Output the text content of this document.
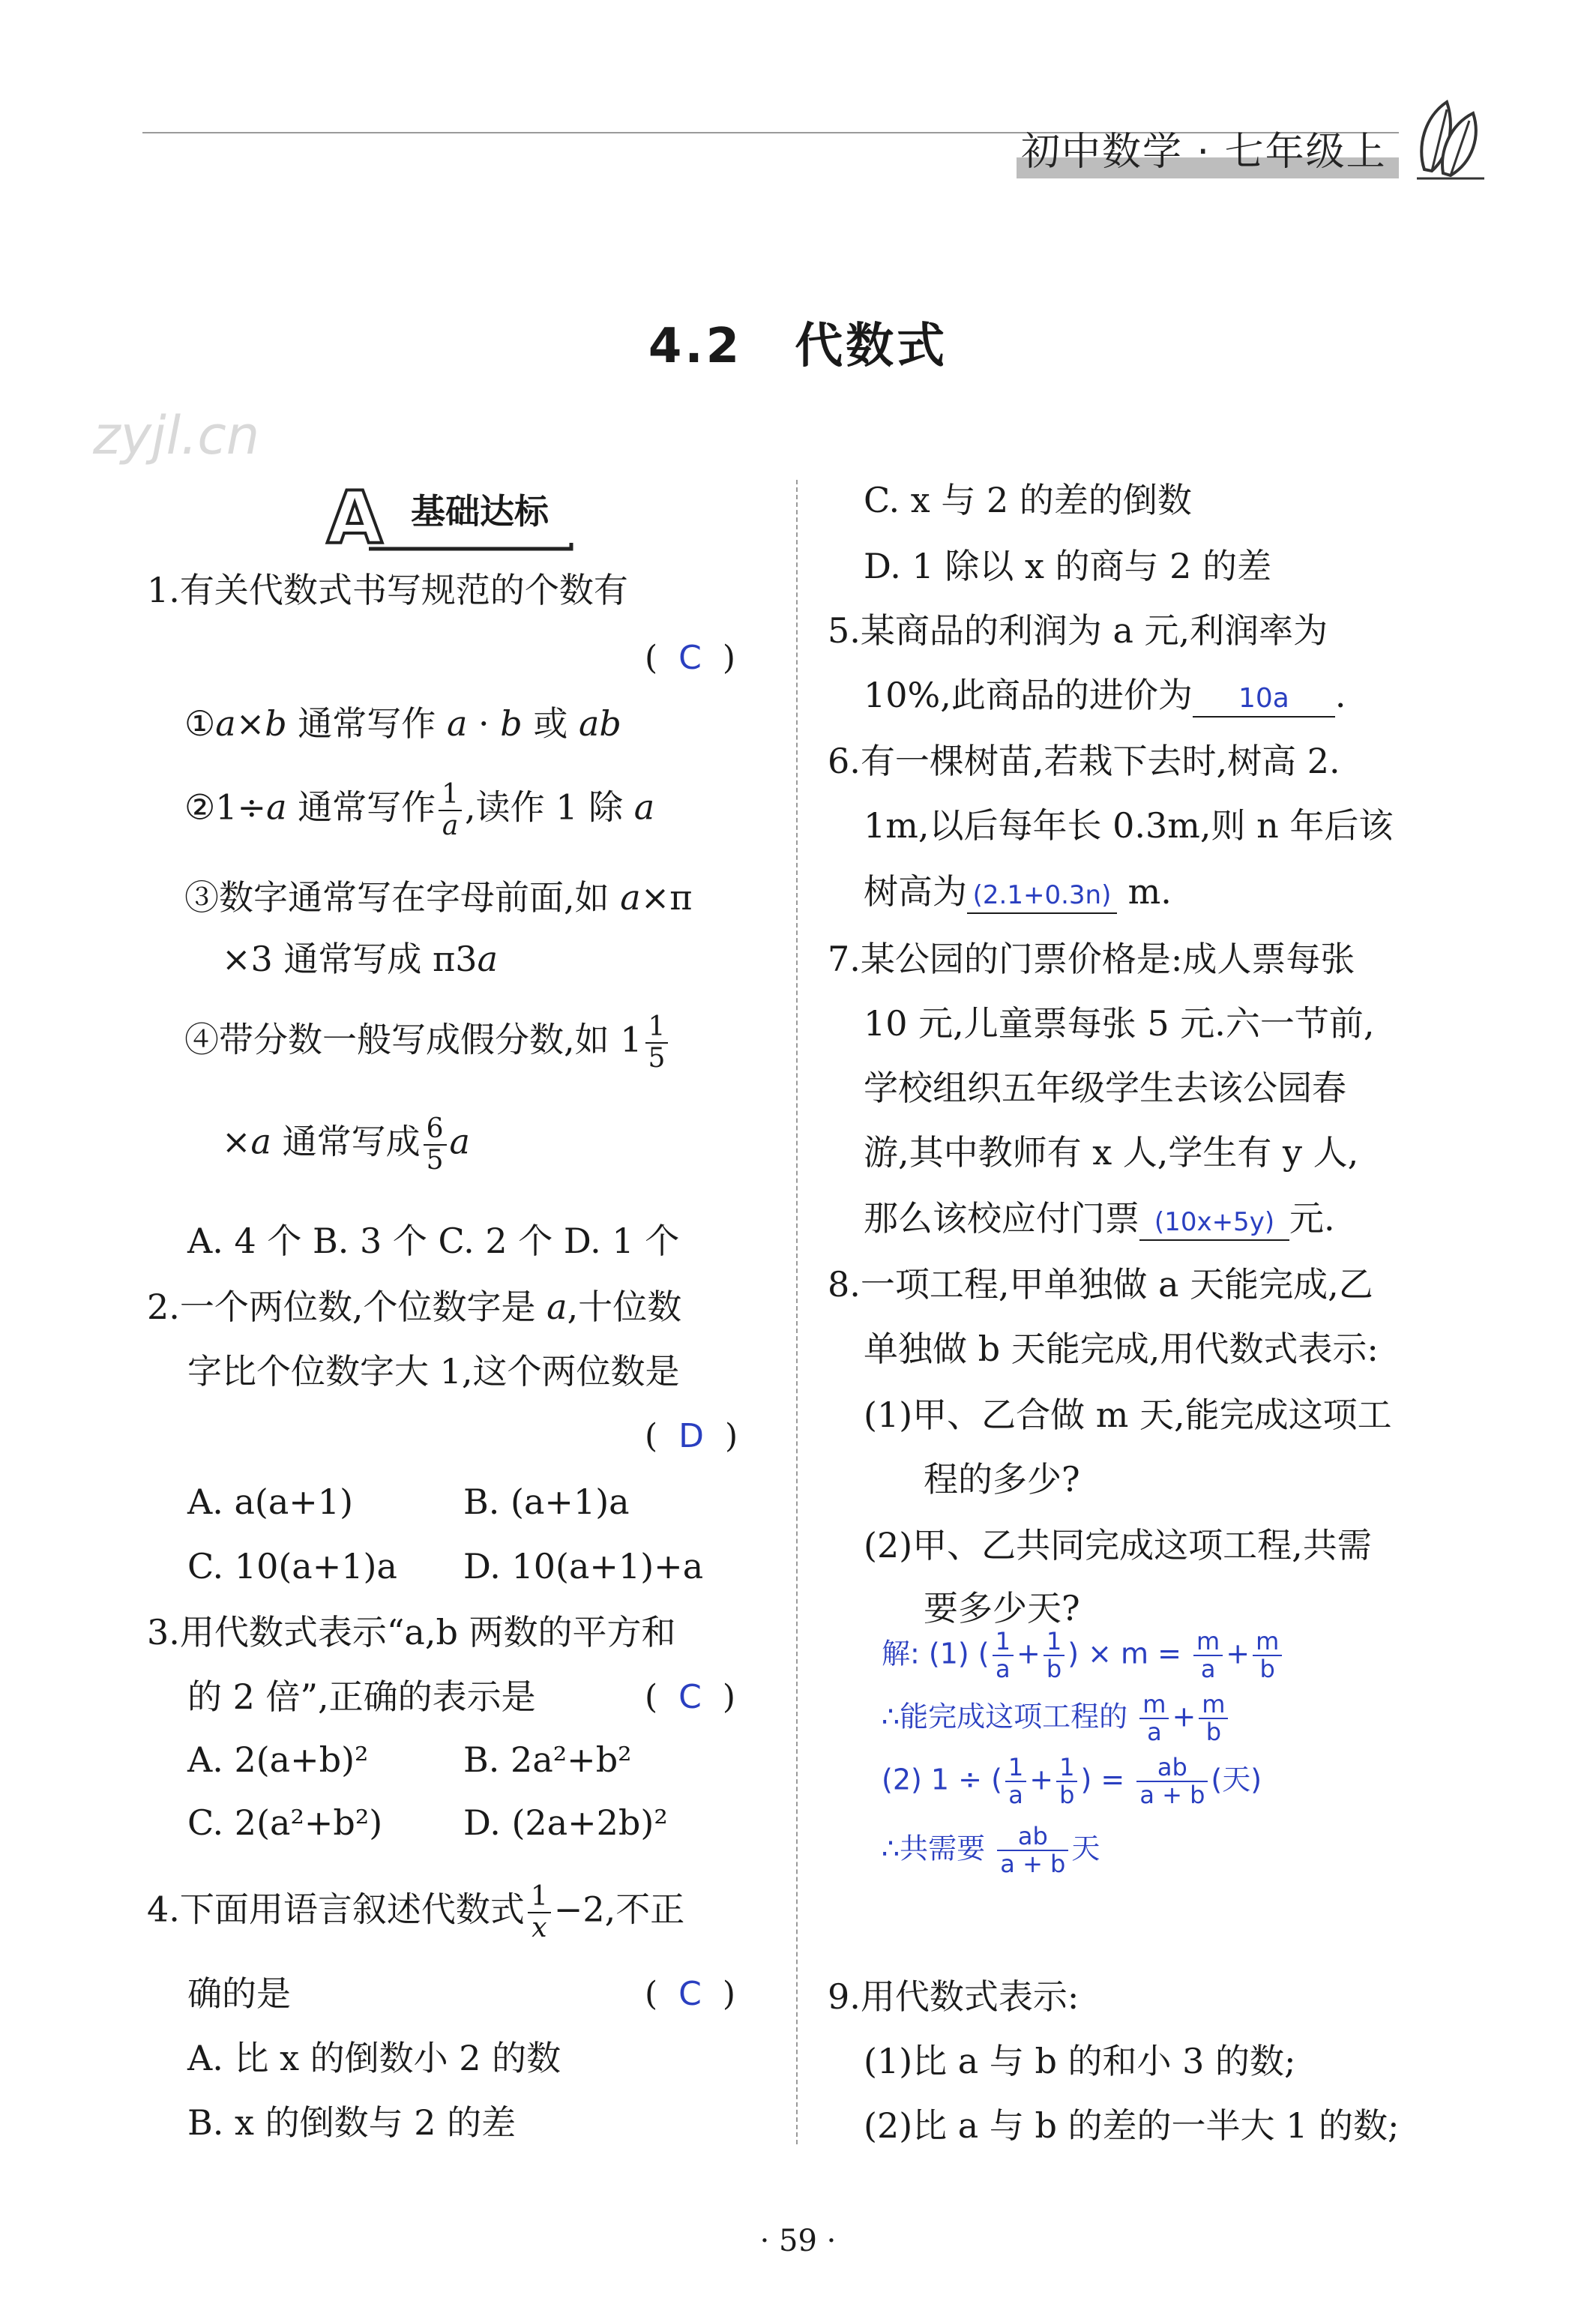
初中数学 · 七年级上
zyjl.cn
4.2 代数式
A 基础达标
1.有关代数式书写规范的个数有
(  C  )
①a×b 通常写作 a · b 或 ab
②1÷a 通常写作 $\frac{1}{a}$ ,读作 1 除 a
③数字通常写在字母前面,如 a×π
×3 通常写成 π3a
④带分数一般写成假分数,如 $1 \frac{1}{5}$
×a 通常写成 $\frac{6}{5}$ a
A. 4 个 B. 3 个 C. 2 个 D. 1 个
2.一个两位数,个位数字是 a,十位数
字比个位数字大 1,这个两位数是
(  D  )
A. a(a+1)	B. (a+1)a
C. 10(a+1)a D. 10(a+1)+a
3.用代数式表示“a,b 两数的平方和
的 2 倍”,正确的表示是	(  C  )
A. 2(a+b)²	B. 2a²+b²
C. 2(a²+b²) D. (2a+2b)²
4.下面用语言叙述代数式 $\frac{1}{x} -2$,不正
确的是	(  C  )
A. 比 x 的倒数小 2 的数
B. x 的倒数与 2 的差
C. x 与 2 的差的倒数
D. 1 除以 x 的商与 2 的差
5.某商品的利润为 a 元,利润率为
10%,此商品的进价为 10a .
6.有一棵树苗,若栽下去时,树高 2.
1m,以后每年长 0.3m,则 n 年后该
树高为 (2.1+0.3n) m.
7.某公园的门票价格是:成人票每张
10 元,儿童票每张 5 元.六一节前,
学校组织五年级学生去该公园春
游,其中教师有 x 人,学生有 y 人,
那么该校应付门票 (10x+5y) 元.
8.一项工程,甲单独做 a 天能完成,乙
单独做 b 天能完成,用代数式表示:
(1)甲、乙合做 m 天,能完成这项工
程的多少?
(2)甲、乙共同完成这项工程,共需
要多少天?
解: (1) ( $\frac{1}{a} + \frac{1}{b}$ ) × $m = \frac{m}{a} + \frac{m}{b}$
∴能完成这项工程的 $\frac{m}{a} + \frac{m}{b}$
(2) 1 ÷ ( $\frac{1}{a} + \frac{1}{b}$ ) = $\frac{ab}{a + b}$ (天)
∴共需要 $\frac{ab}{a + b}$ 天
9.用代数式表示:
(1)比 a 与 b 的和小 3 的数;
(2)比 a 与 b 的差的一半大 1 的数;
· 59 ·
